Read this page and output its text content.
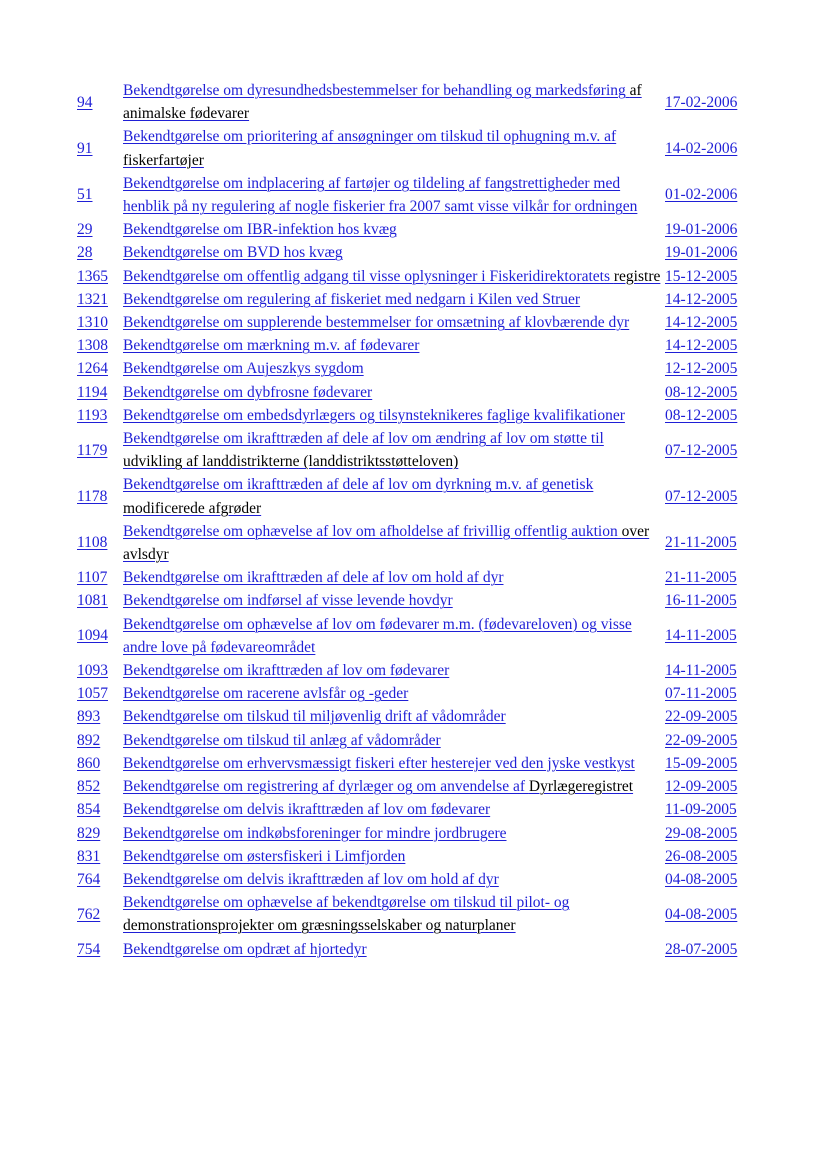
94	Bekendtgørelse om dyresundhedsbestemmelser for behandling og markedsføring af animalske fødevarer	17-02-2006
91	Bekendtgørelse om prioritering af ansøgninger om tilskud til ophugning m.v. af fiskerfartøjer	14-02-2006
51	Bekendtgørelse om indplacering af fartøjer og tildeling af fangstrettigheder med henblik på ny regulering af nogle fiskerier fra 2007 samt visse vilkår for ordningen	01-02-2006
29	Bekendtgørelse om IBR-infektion hos kvæg	19-01-2006
28	Bekendtgørelse om BVD hos kvæg	19-01-2006
1365	Bekendtgørelse om offentlig adgang til visse oplysninger i Fiskeridirektoratets registre	15-12-2005
1321	Bekendtgørelse om regulering af fiskeriet med nedgarn i Kilen ved Struer	14-12-2005
1310	Bekendtgørelse om supplerende bestemmelser for omsætning af klovbærende dyr	14-12-2005
1308	Bekendtgørelse om mærkning m.v. af fødevarer	14-12-2005
1264	Bekendtgørelse om Aujeszkys sygdom	12-12-2005
1194	Bekendtgørelse om dybfrosne fødevarer	08-12-2005
1193	Bekendtgørelse om embedsdyrlægers og tilsynsteknikeres faglige kvalifikationer	08-12-2005
1179	Bekendtgørelse om ikrafttræden af dele af lov om ændring af lov om støtte til udvikling af landdistrikterne (landdistriktsstøtteloven)	07-12-2005
1178	Bekendtgørelse om ikrafttræden af dele af lov om dyrkning m.v. af genetisk modificerede afgrøder	07-12-2005
1108	Bekendtgørelse om ophævelse af lov om afholdelse af frivillig offentlig auktion over avlsdyr	21-11-2005
1107	Bekendtgørelse om ikrafttræden af dele af lov om hold af dyr	21-11-2005
1081	Bekendtgørelse om indførsel af visse levende hovdyr	16-11-2005
1094	Bekendtgørelse om ophævelse af lov om fødevarer m.m. (fødevareloven) og visse andre love på fødevareområdet	14-11-2005
1093	Bekendtgørelse om ikrafttræden af lov om fødevarer	14-11-2005
1057	Bekendtgørelse om racerene avlsfår og -geder	07-11-2005
893	Bekendtgørelse om tilskud til miljøvenlig drift af vådområder	22-09-2005
892	Bekendtgørelse om tilskud til anlæg af vådområder	22-09-2005
860	Bekendtgørelse om erhvervsmæssigt fiskeri efter hesterejer ved den jyske vestkyst	15-09-2005
852	Bekendtgørelse om registrering af dyrlæger og om anvendelse af Dyrlægeregistret	12-09-2005
854	Bekendtgørelse om delvis ikrafttræden af lov om fødevarer	11-09-2005
829	Bekendtgørelse om indkøbsforeninger for mindre jordbrugere	29-08-2005
831	Bekendtgørelse om østersfiskeri i Limfjorden	26-08-2005
764	Bekendtgørelse om delvis ikrafttræden af lov om hold af dyr	04-08-2005
762	Bekendtgørelse om ophævelse af bekendtgørelse om tilskud til pilot- og demonstrationsprojekter om græsningsselskaber og naturplaner	04-08-2005
754	Bekendtgørelse om opdræt af hjortedyr	28-07-2005
